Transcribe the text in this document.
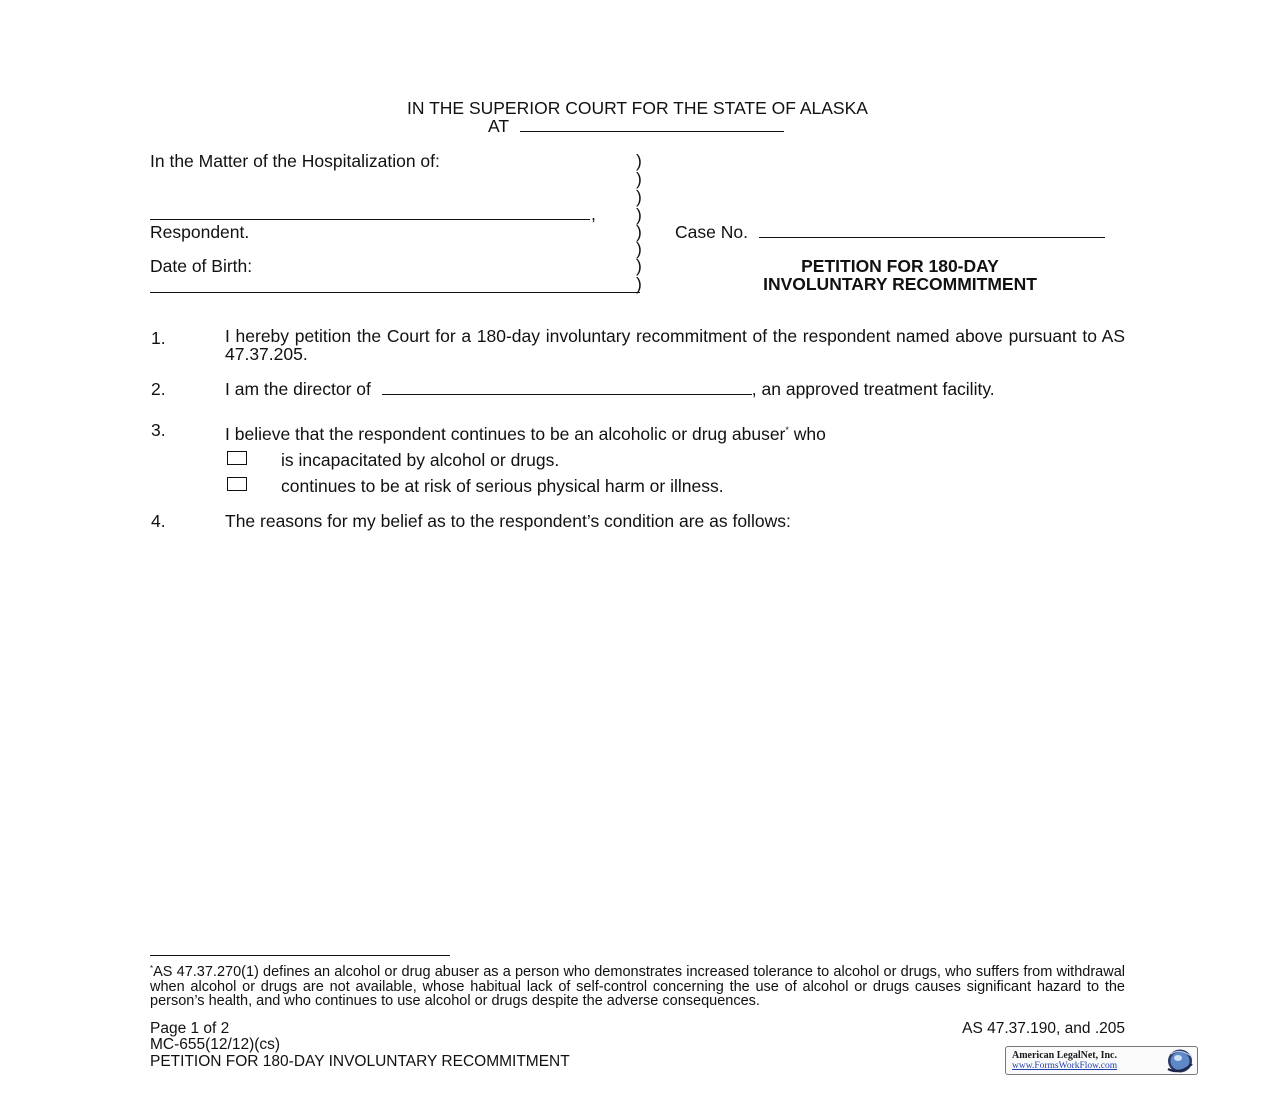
IN THE SUPERIOR COURT FOR THE STATE OF ALASKA
AT
In the Matter of the Hospitalization of:
,
Respondent.
Date of Birth:
)
)
)
)
)
)
)
)
Case No.
PETITION FOR 180-DAY
INVOLUNTARY RECOMMITMENT
1.	I hereby petition the Court for a 180-day involuntary recommitment of the respondent named above pursuant to AS 47.37.205.
2.	I am the director of	, an approved treatment facility.
3.	I believe that the respondent continues to be an alcoholic or drug abuser* who
is incapacitated by alcohol or drugs.
continues to be at risk of serious physical harm or illness.
4.	The reasons for my belief as to the respondent’s condition are as follows:
*AS 47.37.270(1) defines an alcohol or drug abuser as a person who demonstrates increased tolerance to alcohol or drugs, who suffers from withdrawal when alcohol or drugs are not available, whose habitual lack of self-control concerning the use of alcohol or drugs causes significant hazard to the person’s health, and who continues to use alcohol or drugs despite the adverse consequences.
Page 1 of 2	AS 47.37.190, and .205
MC-655(12/12)(cs)
PETITION FOR 180-DAY INVOLUNTARY RECOMMITMENT	American LegalNet, Inc.
www.FormsWorkFlow.com
